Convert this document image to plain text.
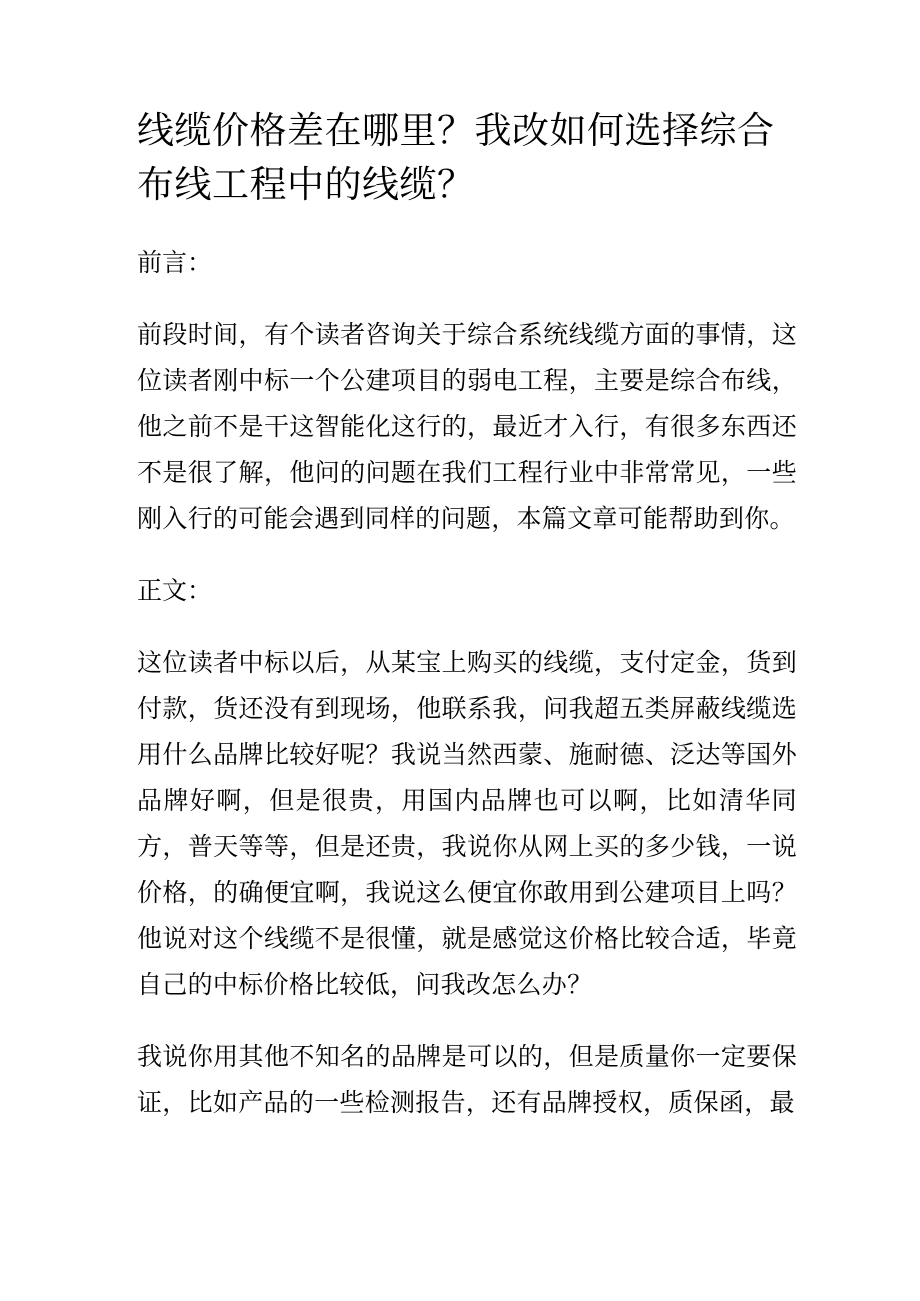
线缆价格差在哪里？我改如何选择综合布线工程中的线缆？
前言：

前段时间，有个读者咨询关于综合系统线缆方面的事情，这位读者刚中标一个公建项目的弱电工程，主要是综合布线，他之前不是干这智能化这行的，最近才入行，有很多东西还不是很了解，他问的问题在我们工程行业中非常常见，一些刚入行的可能会遇到同样的问题，本篇文章可能帮助到你。

正文：

这位读者中标以后，从某宝上购买的线缆，支付定金，货到付款，货还没有到现场，他联系我，问我超五类屏蔽线缆选用什么品牌比较好呢？我说当然西蒙、施耐德、泛达等国外品牌好啊，但是很贵，用国内品牌也可以啊，比如清华同方，普天等等，但是还贵，我说你从网上买的多少钱，一说价格，的确便宜啊，我说这么便宜你敢用到公建项目上吗？他说对这个线缆不是很懂，就是感觉这价格比较合适，毕竟自己的中标价格比较低，问我改怎么办？

我说你用其他不知名的品牌是可以的，但是质量你一定要保证，比如产品的一些检测报告，还有品牌授权，质保函，最
